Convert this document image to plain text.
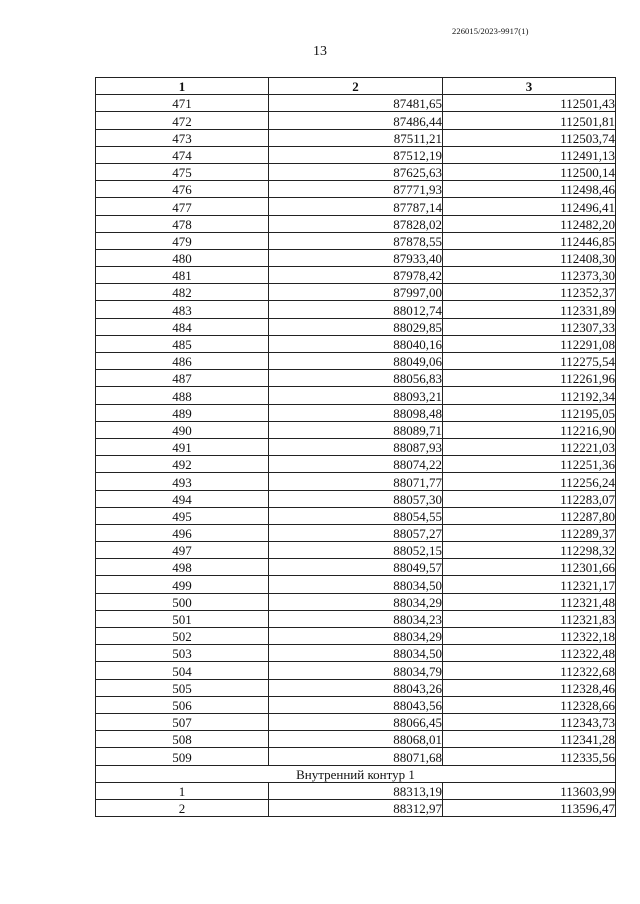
226015/2023-9917(1)
13
1	2	3
471	87481,65	112501,43
472	87486,44	112501,81
473	87511,21	112503,74
474	87512,19	112491,13
475	87625,63	112500,14
476	87771,93	112498,46
477	87787,14	112496,41
478	87828,02	112482,20
479	87878,55	112446,85
480	87933,40	112408,30
481	87978,42	112373,30
482	87997,00	112352,37
483	88012,74	112331,89
484	88029,85	112307,33
485	88040,16	112291,08
486	88049,06	112275,54
487	88056,83	112261,96
488	88093,21	112192,34
489	88098,48	112195,05
490	88089,71	112216,90
491	88087,93	112221,03
492	88074,22	112251,36
493	88071,77	112256,24
494	88057,30	112283,07
495	88054,55	112287,80
496	88057,27	112289,37
497	88052,15	112298,32
498	88049,57	112301,66
499	88034,50	112321,17
500	88034,29	112321,48
501	88034,23	112321,83
502	88034,29	112322,18
503	88034,50	112322,48
504	88034,79	112322,68
505	88043,26	112328,46
506	88043,56	112328,66
507	88066,45	112343,73
508	88068,01	112341,28
509	88071,68	112335,56
Внутренний контур 1		
1	88313,19	113603,99
2	88312,97	113596,47
